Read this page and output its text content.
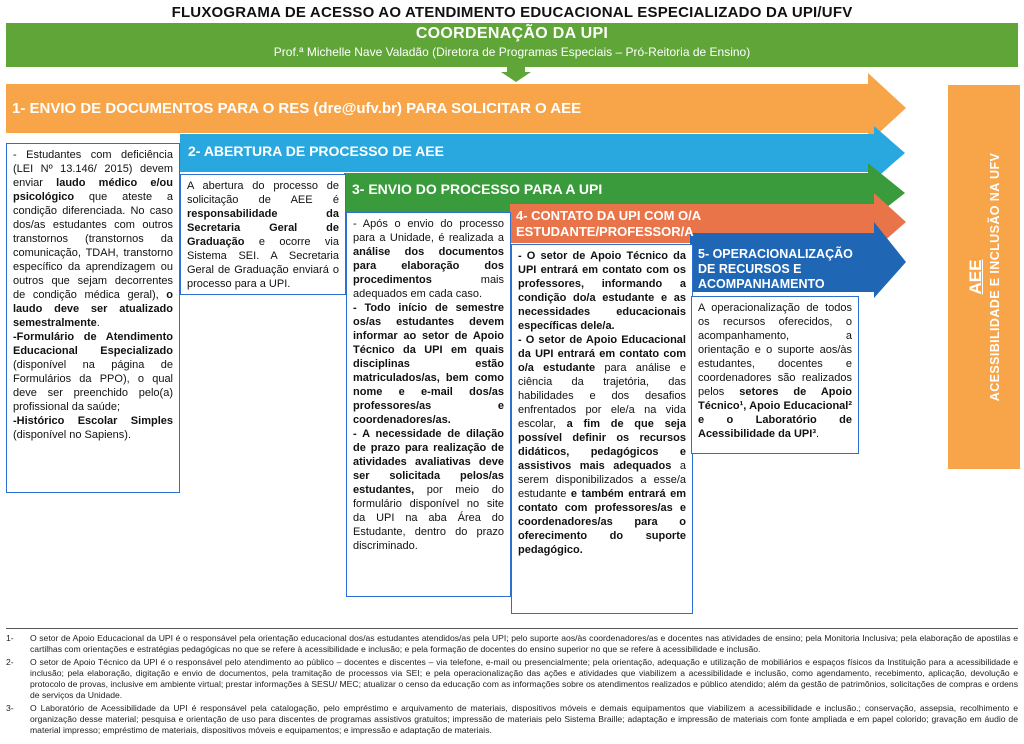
FLUXOGRAMA DE ACESSO AO ATENDIMENTO EDUCACIONAL ESPECIALIZADO DA UPI/UFV
COORDENAÇÃO DA UPI
Prof.ª Michelle Nave Valadão (Diretora de Programas Especiais – Pró-Reitoria de Ensino)
1- ENVIO DE DOCUMENTOS PARA O RES (dre@ufv.br) PARA SOLICITAR O AEE
2- ABERTURA DE PROCESSO DE AEE
3- ENVIO DO PROCESSO PARA A UPI
4- CONTATO DA UPI COM O/A ESTUDANTE/PROFESSOR/A
5- OPERACIONALIZAÇÃO DE RECURSOS E ACOMPANHAMENTO

- Estudantes com deficiência (LEI Nº 13.146/ 2015) devem enviar laudo médico e/ou psicológico que ateste a condição diferenciada. No caso dos/as estudantes com outros transtornos (transtornos da comunicação, TDAH, transtorno específico da aprendizagem ou outros que sejam decorrentes de condição médica geral), o laudo deve ser atualizado semestralmente.

-Formulário de Atendimento Educacional Especializado (disponível na página de Formulários da PPO), o qual deve ser preenchido pelo(a) profissional da saúde;

-Histórico Escolar Simples (disponível no Sapiens).

A abertura do processo de solicitação de AEE é responsabilidade da Secretaria Geral de Graduação e ocorre via Sistema SEI. A Secretaria Geral de Graduação enviará o processo para a UPI.

- Após o envio do processo para a Unidade, é realizada a análise dos documentos para elaboração dos procedimentos mais adequados em cada caso.

- Todo início de semestre os/as estudantes devem informar ao setor de Apoio Técnico da UPI em quais disciplinas estão matriculados/as, bem como nome e e-mail dos/as professores/as e coordenadores/as.

- A necessidade de dilação de prazo para realização de atividades avaliativas deve ser solicitada pelos/as estudantes, por meio do formulário disponível no site da UPI na aba Área do Estudante, dentro do prazo discriminado.

- O setor de Apoio Técnico da UPI entrará em contato com os professores, informando a condição do/a estudante e as necessidades educacionais específicas dele/a.

- O setor de Apoio Educacional da UPI entrará em contato com o/a estudante para análise e ciência da trajetória, das habilidades e dos desafios enfrentados por ele/a na vida escolar, a fim de que seja possível definir os recursos didáticos, pedagógicos e assistivos mais adequados a serem disponibilizados a esse/a estudante e também entrará em contato com professores/as e coordenadores/as para o oferecimento do suporte pedagógico.

A operacionalização de todos os recursos oferecidos, o acompanhamento, a orientação e o suporte aos/às estudantes, docentes e coordenadores são realizados pelos setores de Apoio Técnico¹, Apoio Educacional² e o Laboratório de Acessibilidade da UPI³.

AEE ACESSIBILIDADE E INCLUSÃO NA UFV
1-	O setor de Apoio Educacional da UPI é o responsável pela orientação educacional dos/as estudantes atendidos/as pela UPI; pelo suporte aos/às coordenadores/as e docentes nas atividades de ensino; pela Monitoria Inclusiva; pela elaboração de apostilas e cartilhas com orientações e estratégias pedagógicas no que se refere à acessibilidade e inclusão; e pela formação de docentes do ensino superior no que se refere à acessibilidade e inclusão.
2-	O setor de Apoio Técnico da UPI é o responsável pelo atendimento ao público – docentes e discentes – via telefone, e-mail ou presencialmente; pela orientação, adequação e utilização de mobiliários e espaços físicos da Instituição para a acessibilidade e inclusão; pela elaboração, digitação e envio de documentos, pela tramitação de processos via SEI; e pela operacionalização das ações e atividades que viabilizem a acessibilidade e inclusão, como agendamento, recebimento, aplicação, devolução e protocolo de provas, inclusive em ambiente virtual; prestar informações à SESU/ MEC; atualizar o censo da educação com as informações sobre os atendimentos realizados e público atendido; além da gestão de patrimônios, solicitações de compras e ordens de serviços da Unidade.
3-	O Laboratório de Acessibilidade da UPI é responsável pela catalogação, pelo empréstimo e arquivamento de materiais, dispositivos móveis e demais equipamentos que viabilizem a acessibilidade e inclusão.; conservação, assepsia, recolhimento e organização desse material; pesquisa e orientação de uso para discentes de programas assistivos gratuitos; impressão de materiais pelo Sistema Braille; adaptação e impressão de materiais com fonte ampliada e em papel colorido; gravação em áudio de material impresso; empréstimo de materiais, dispositivos móveis e equipamentos; e impressão e adaptação de materiais.
